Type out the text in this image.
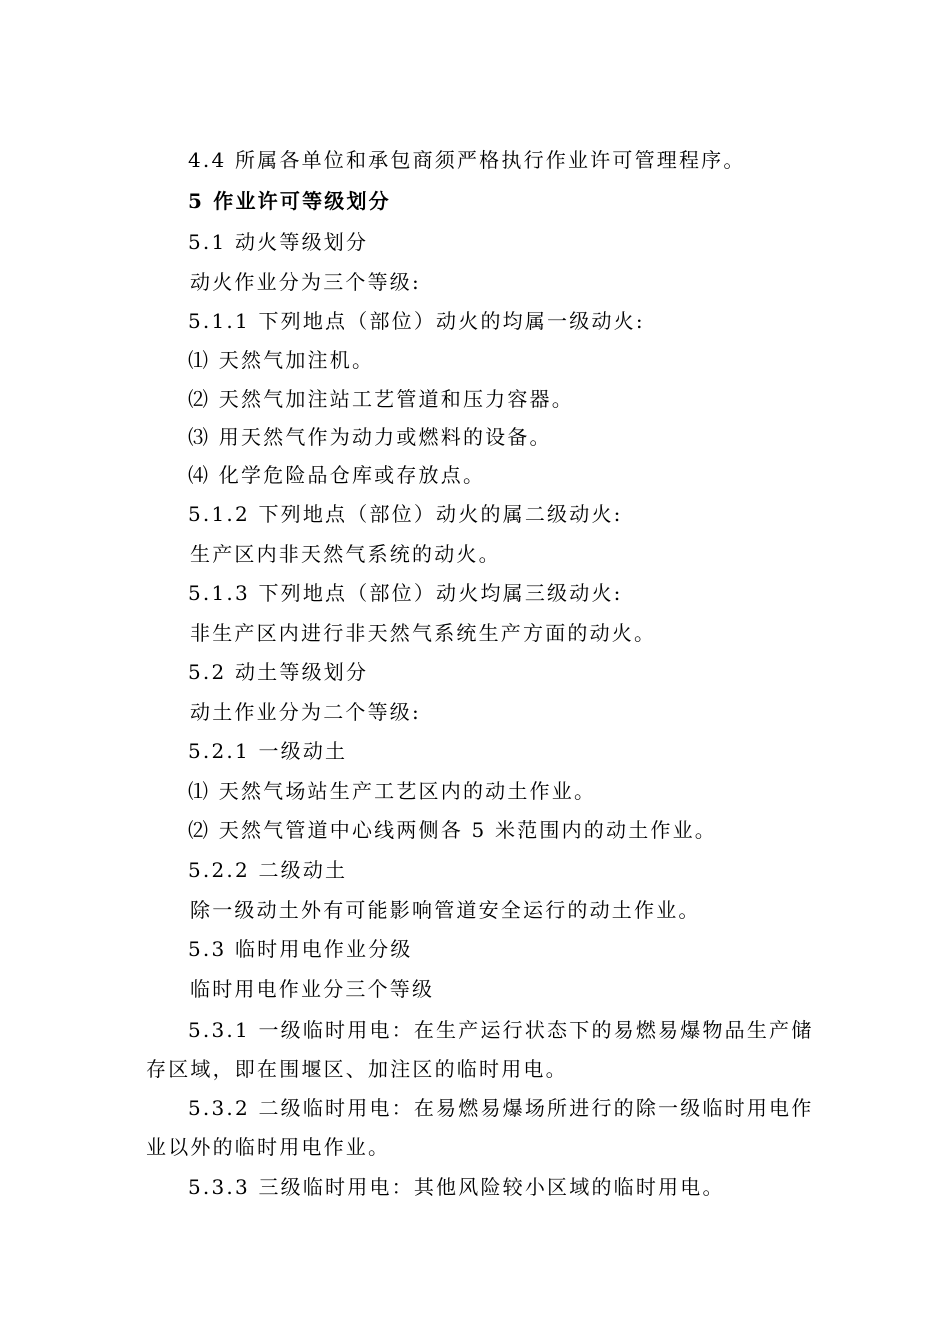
4.4 所属各单位和承包商须严格执行作业许可管理程序。
5 作业许可等级划分
5.1 动火等级划分
动火作业分为三个等级:
5.1.1 下列地点（部位）动火的均属一级动火:
⑴ 天然气加注机。
⑵ 天然气加注站工艺管道和压力容器。
⑶ 用天然气作为动力或燃料的设备。
⑷ 化学危险品仓库或存放点。
5.1.2 下列地点（部位）动火的属二级动火:
生产区内非天然气系统的动火。
5.1.3 下列地点（部位）动火均属三级动火:
非生产区内进行非天然气系统生产方面的动火。
5.2 动土等级划分
动土作业分为二个等级:
5.2.1 一级动土
⑴ 天然气场站生产工艺区内的动土作业。
⑵ 天然气管道中心线两侧各 5 米范围内的动土作业。
5.2.2 二级动土
除一级动土外有可能影响管道安全运行的动土作业。
5.3 临时用电作业分级
临时用电作业分三个等级
5.3.1 一级临时用电：在生产运行状态下的易燃易爆物品生产储
存区域，即在围堰区、加注区的临时用电。
5.3.2 二级临时用电：在易燃易爆场所进行的除一级临时用电作
业以外的临时用电作业。
5.3.3 三级临时用电：其他风险较小区域的临时用电。
